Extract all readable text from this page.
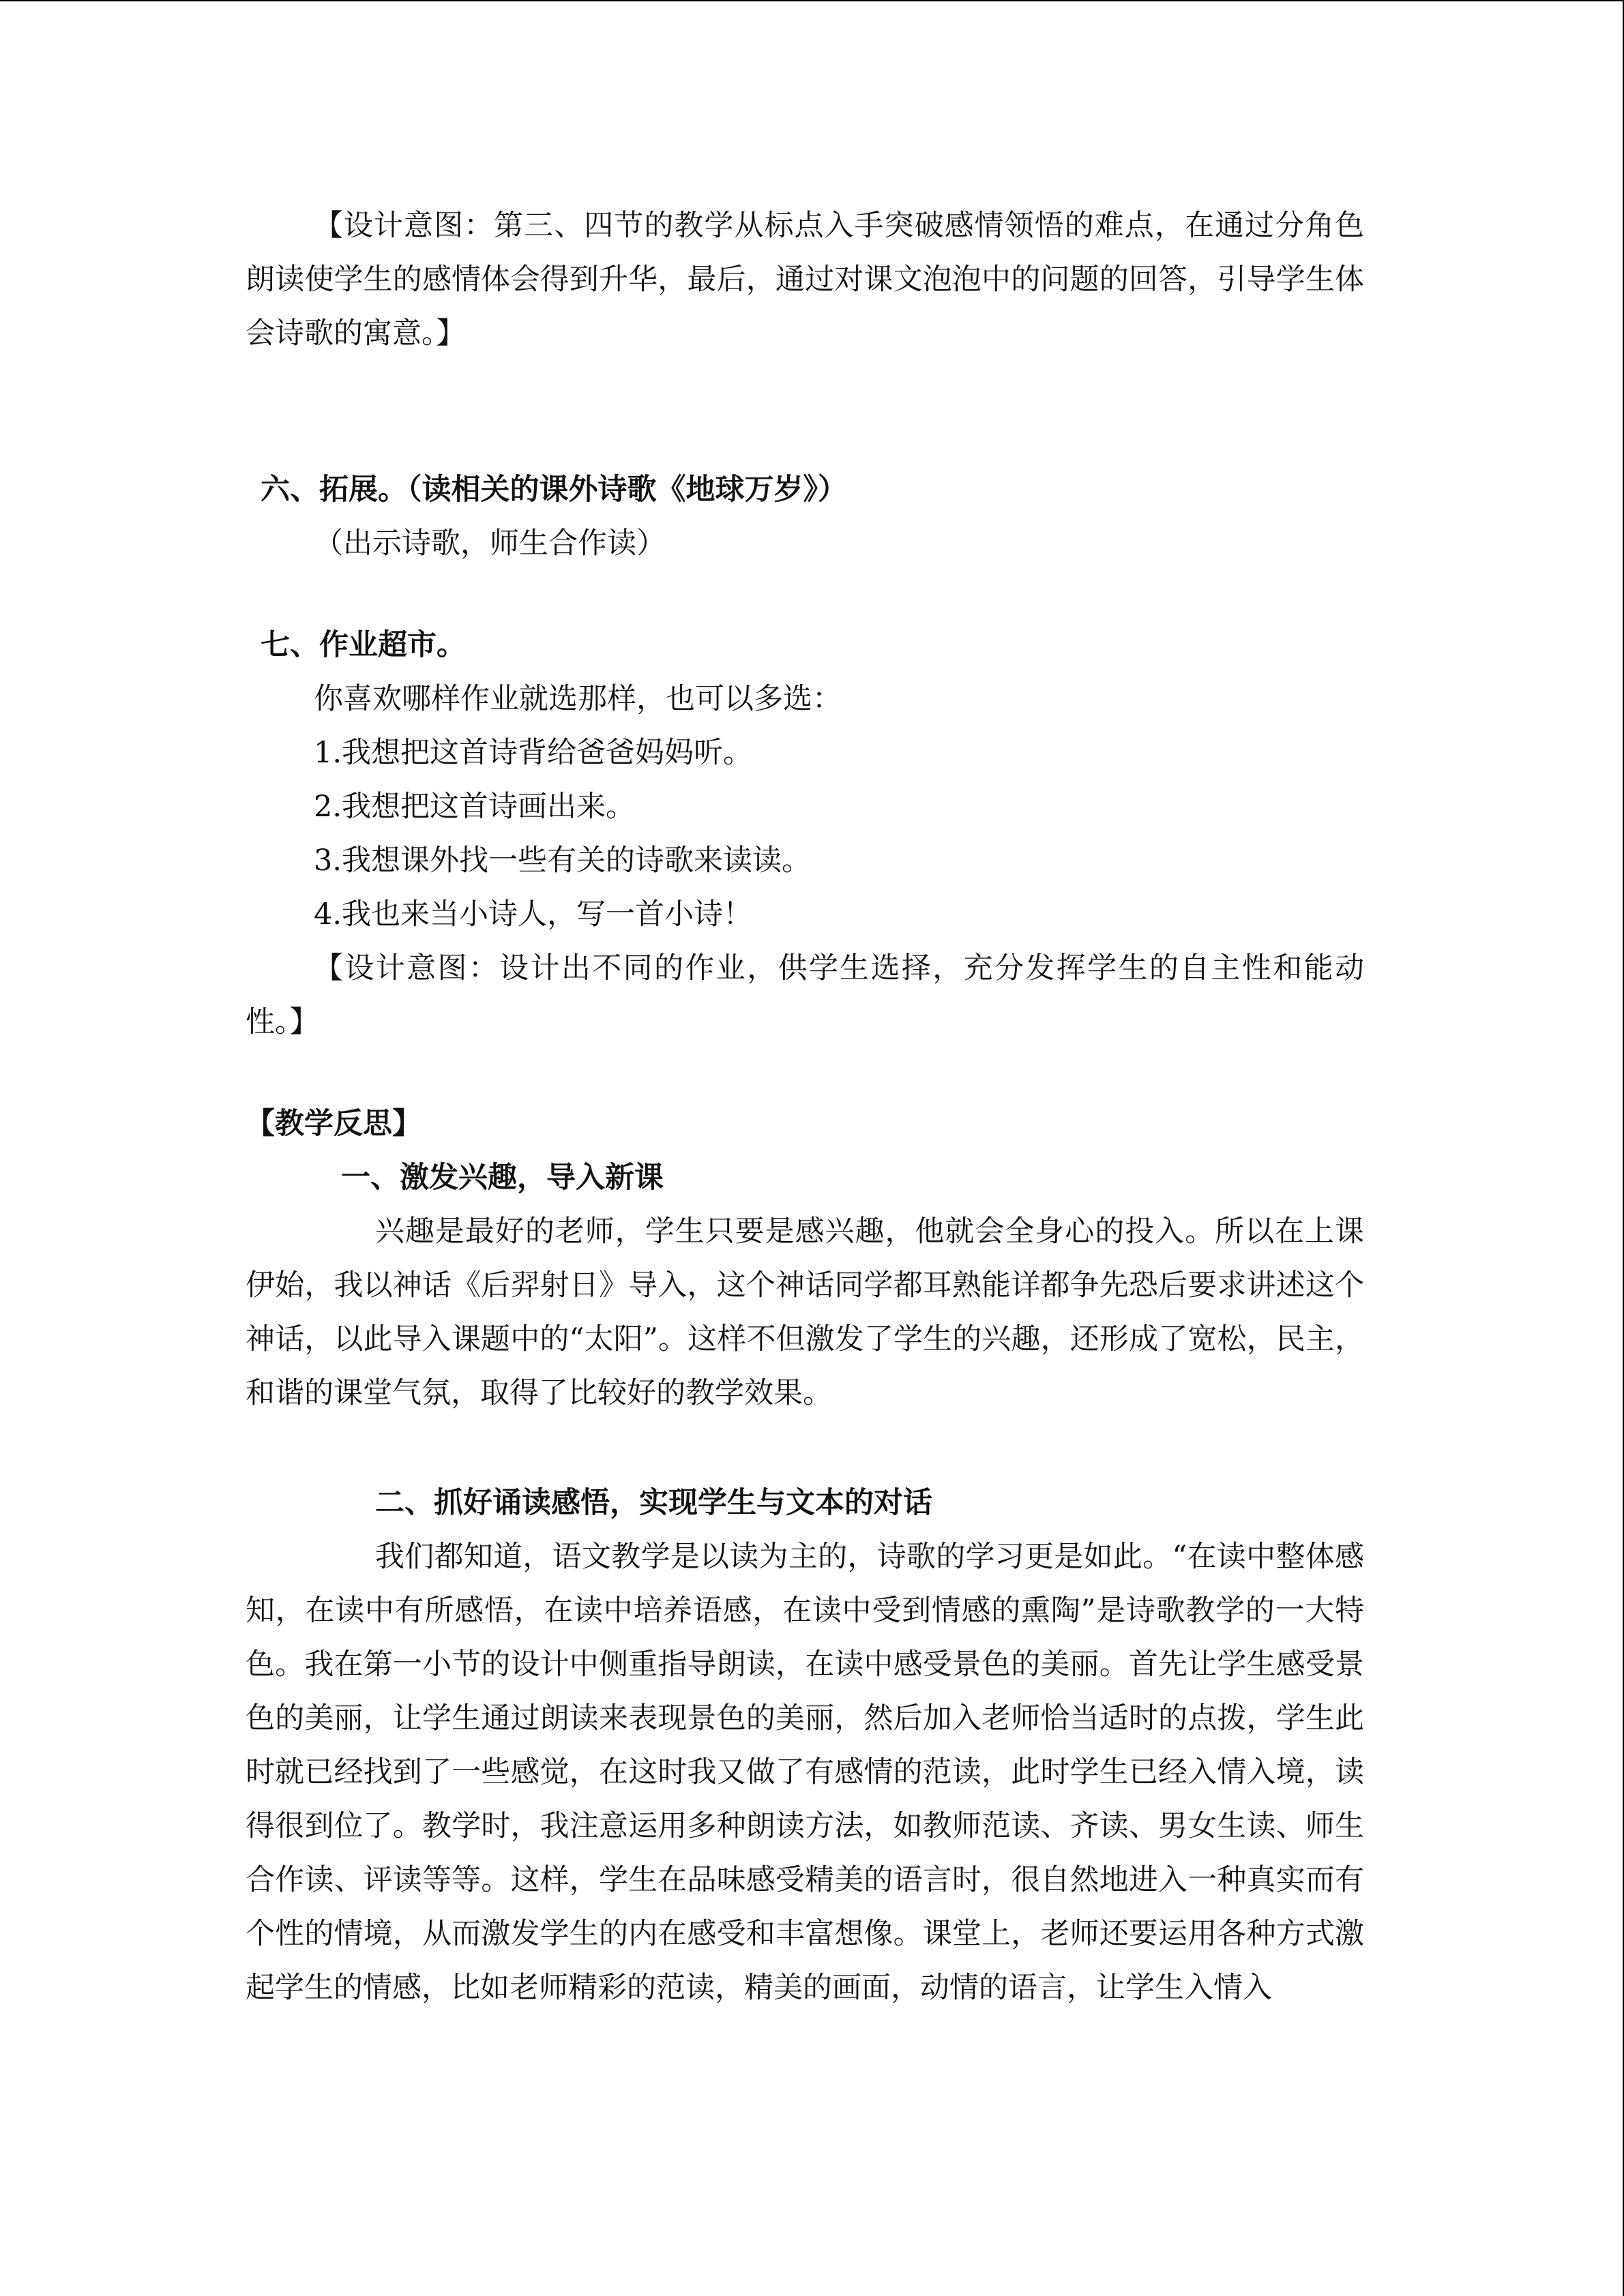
【设计意图：第三、四节的教学从标点入手突破感情领悟的难点，在通过分角色朗读使学生的感情体会得到升华，最后，通过对课文泡泡中的问题的回答，引导学生体会诗歌的寓意。】

六、拓展。（读相关的课外诗歌《地球万岁》）

（出示诗歌，师生合作读）

七、作业超市。

你喜欢哪样作业就选那样，也可以多选：

1.我想把这首诗背给爸爸妈妈听。

2.我想把这首诗画出来。

3.我想课外找一些有关的诗歌来读读。

4.我也来当小诗人，写一首小诗！

【设计意图：设计出不同的作业，供学生选择，充分发挥学生的自主性和能动性。】

【教学反思】

一、激发兴趣，导入新课

兴趣是最好的老师，学生只要是感兴趣，他就会全身心的投入。所以在上课伊始，我以神话《后羿射日》导入，这个神话同学都耳熟能详都争先恐后要求讲述这个神话，以此导入课题中的“太阳”。这样不但激发了学生的兴趣，还形成了宽松，民主，和谐的课堂气氛，取得了比较好的教学效果。

二、抓好诵读感悟，实现学生与文本的对话

我们都知道，语文教学是以读为主的，诗歌的学习更是如此。“在读中整体感知，在读中有所感悟，在读中培养语感，在读中受到情感的熏陶”是诗歌教学的一大特色。我在第一小节的设计中侧重指导朗读，在读中感受景色的美丽。首先让学生感受景色的美丽，让学生通过朗读来表现景色的美丽，然后加入老师恰当适时的点拨，学生此时就已经找到了一些感觉，在这时我又做了有感情的范读，此时学生已经入情入境，读得很到位了。教学时，我注意运用多种朗读方法，如教师范读、齐读、男女生读、师生合作读、评读等等。这样，学生在品味感受精美的语言时，很自然地进入一种真实而有个性的情境，从而激发学生的内在感受和丰富想像。课堂上，老师还要运用各种方式激起学生的情感，比如老师精彩的范读，精美的画面，动情的语言，让学生入情入
